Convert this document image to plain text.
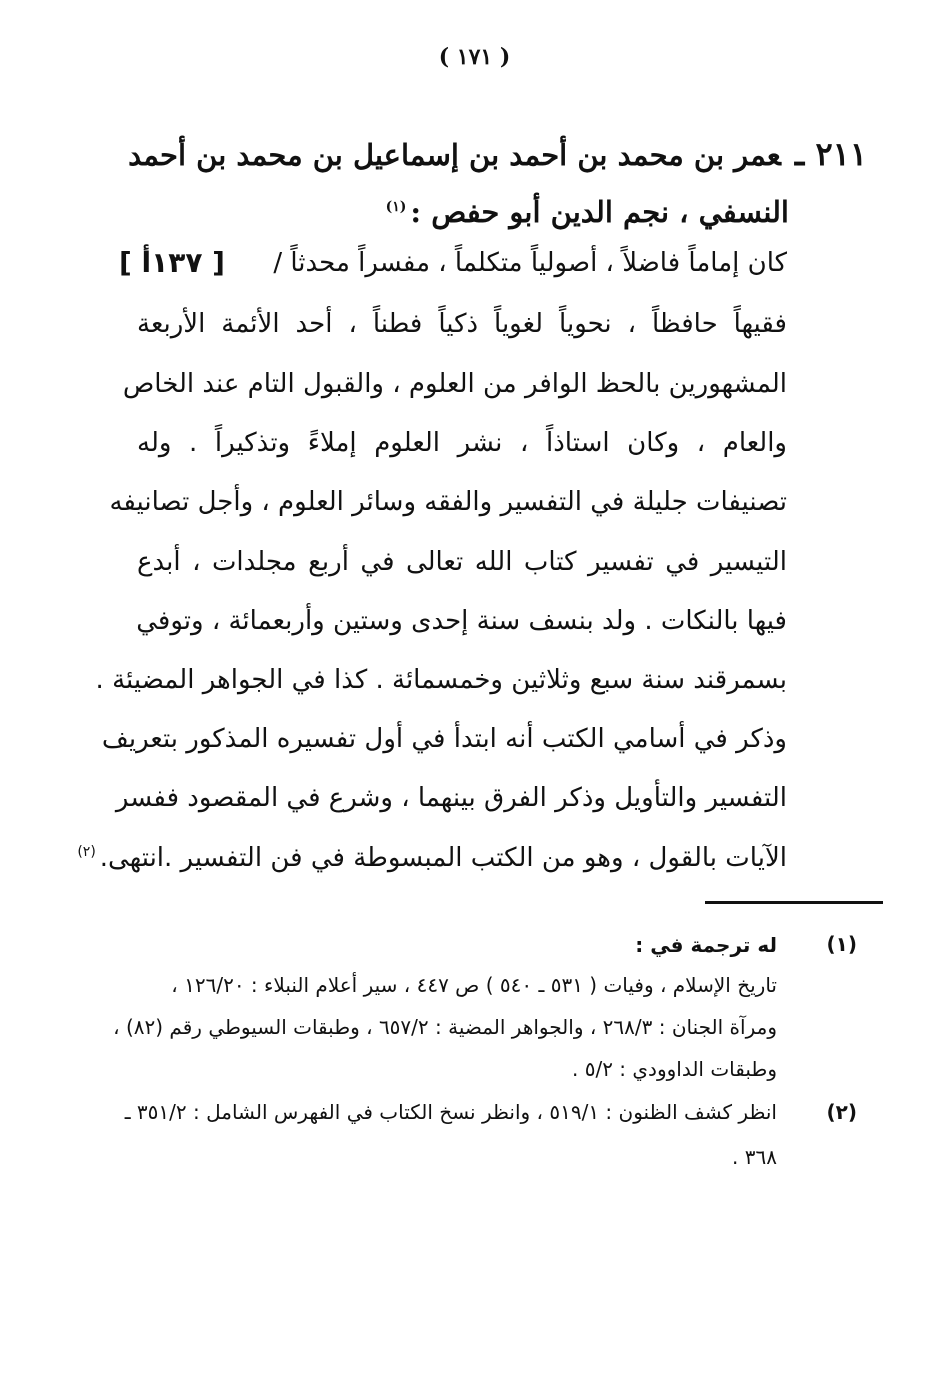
( ١٧١ )
٢١١ ـعمر بن محمد بن أحمد بن إسماعيل بن محمد بن أحمد
النسفي ، نجم الدين أبو حفص :$^{(١)}$
كان إماماً فاضلاً ، أصولياً متكلماً ، مفسراً محدثاً /
[ ١٣٧أ ]
فقيهاً حافظاً ، نحوياً لغوياً ذكياً فطناً ، أحد الأئمة الأربعة
المشهورين بالحظ الوافر من العلوم ، والقبول التام عند الخاص
والعام ، وكان استاذاً ، نشر العلوم إملاءً وتذكيراً . وله
تصنيفات جليلة في التفسير والفقه وسائر العلوم ، وأجل تصانيفه
التيسير في تفسير كتاب الله تعالى في أربع مجلدات ، أبدع
فيها بالنكات . ولد بنسف سنة إحدى وستين وأربعمائة ، وتوفي
بسمرقند سنة سبع وثلاثين وخمسمائة . كذا في الجواهر المضيئة .
وذكر في أسامي الكتب أنه ابتدأ في أول تفسيره المذكور بتعريف
التفسير والتأويل وذكر الفرق بينهما ، وشرع في المقصود ففسر
الآيات بالقول ، وهو من الكتب المبسوطة في فن التفسير .انتهى.$^{(٢)}$
(١)
له ترجمة في :
تاريخ الإسلام ، وفيات ( ٥٣١ ـ ٥٤٠ ) ص ٤٤٧ ، سير أعلام النبلاء : ١٢٦/٢٠ ،
ومرآة الجنان : ٢٦٨/٣ ، والجواهر المضية : ٦٥٧/٢ ، وطبقات السيوطي رقم (٨٢) ،
وطبقات الداوودي : ٥/٢ .
(٢)
انظر كشف الظنون : ٥١٩/١ ، وانظر نسخ الكتاب في الفهرس الشامل : ٣٥١/٢ ـ
٣٦٨ .
